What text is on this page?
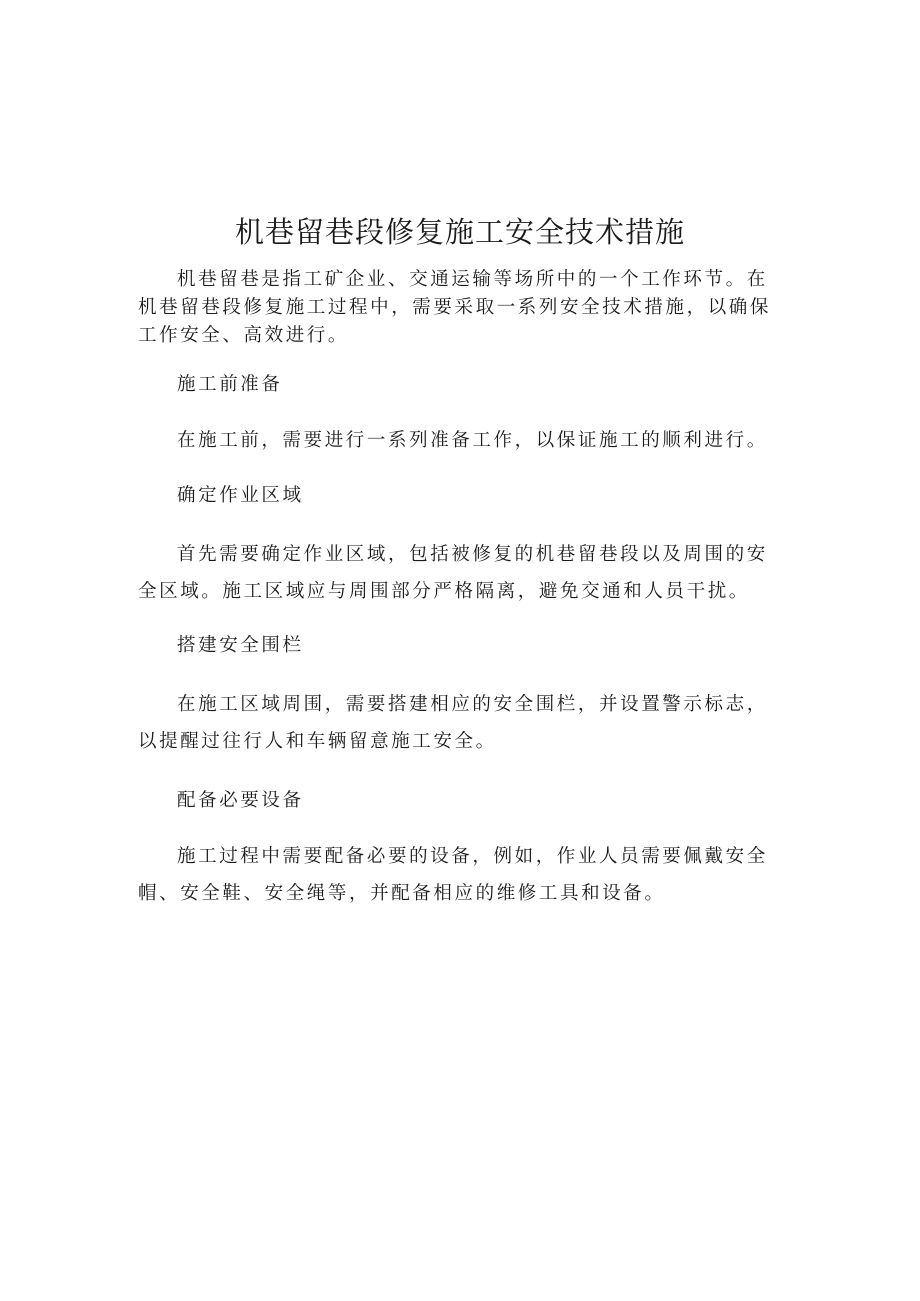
机巷留巷段修复施工安全技术措施

机巷留巷是指工矿企业、交通运输等场所中的一个工作环节。在机巷留巷段修复施工过程中，需要采取一系列安全技术措施，以确保工作安全、高效进行。

施工前准备

在施工前，需要进行一系列准备工作，以保证施工的顺利进行。

确定作业区域

首先需要确定作业区域，包括被修复的机巷留巷段以及周围的安全区域。施工区域应与周围部分严格隔离，避免交通和人员干扰。

搭建安全围栏

在施工区域周围，需要搭建相应的安全围栏，并设置警示标志，以提醒过往行人和车辆留意施工安全。

配备必要设备

施工过程中需要配备必要的设备，例如，作业人员需要佩戴安全帽、安全鞋、安全绳等，并配备相应的维修工具和设备。
